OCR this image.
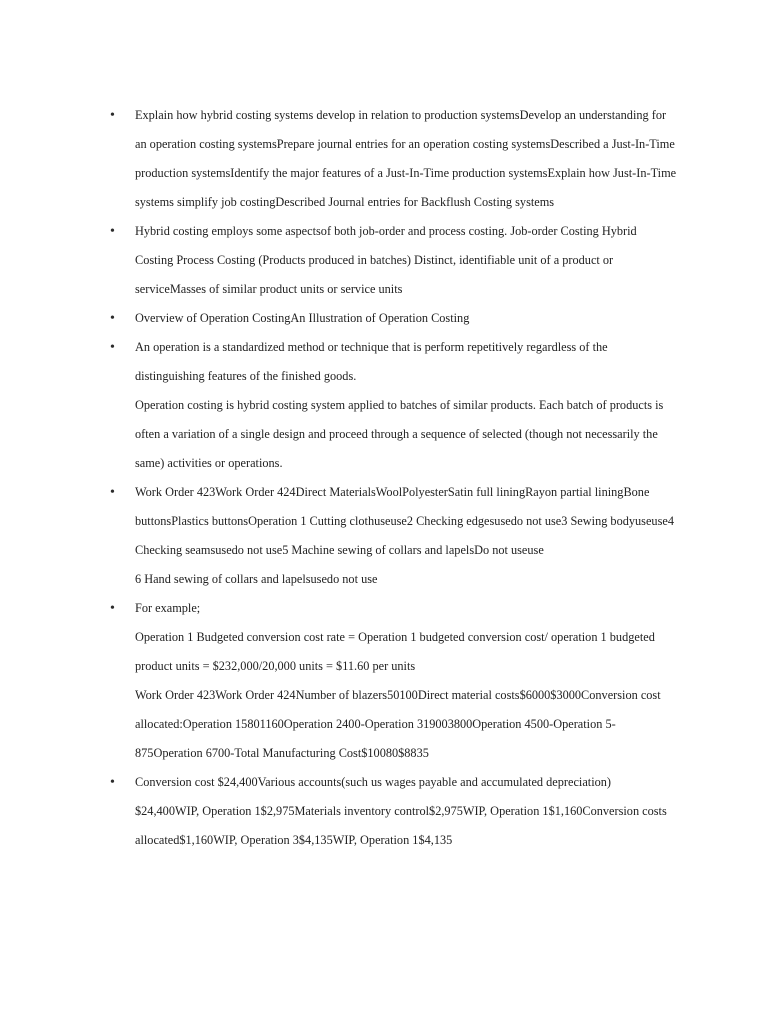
• Explain how hybrid costing systems develop in relation to production systemsDevelop an understanding for an operation costing systemsPrepare journal entries for an operation costing systemsDescribed a Just-In-Time production systemsIdentify the major features of a Just-In-Time production systemsExplain how Just-In-Time systems simplify job costingDescribed Journal entries for Backflush Costing systems

• Hybrid costing employs some aspectsof both job-order and process costing. Job-order Costing Hybrid Costing Process Costing (Products produced in batches) Distinct, identifiable unit of a product or serviceMasses of similar product units or service units

• Overview of Operation CostingAn Illustration of Operation Costing

• An operation is a standardized method or technique that is perform repetitively regardless of the distinguishing features of the finished goods.

Operation costing is hybrid costing system applied to batches of similar products. Each batch of products is often a variation of a single design and proceed through a sequence of selected (though not necessarily the same) activities or operations.

• Work Order 423Work Order 424Direct MaterialsWoolPolyesterSatin full liningRayon partial liningBone buttonsPlastics buttonsOperation 1 Cutting clothuseuse2 Checking edgesusedo not use3 Sewing bodyuseuse4 Checking seamsusedo not use5 Machine sewing of collars and lapelsDo not useuse

6 Hand sewing of collars and lapelsusedo not use

• For example;

Operation 1 Budgeted conversion cost rate = Operation 1 budgeted conversion cost/ operation 1 budgeted product units = $232,000/20,000 units = $11.60 per units

Work Order 423Work Order 424Number of blazers50100Direct material costs$6000$3000Conversion cost allocated:Operation 15801160Operation 2400-Operation 319003800Operation 4500-Operation 5-875Operation 6700-Total Manufacturing Cost$10080$8835

• Conversion cost $24,400Various accounts(such us wages payable and accumulated depreciation) $24,400WIP, Operation 1$2,975Materials inventory control$2,975WIP, Operation 1$1,160Conversion costs allocated$1,160WIP, Operation 3$4,135WIP, Operation 1$4,135
